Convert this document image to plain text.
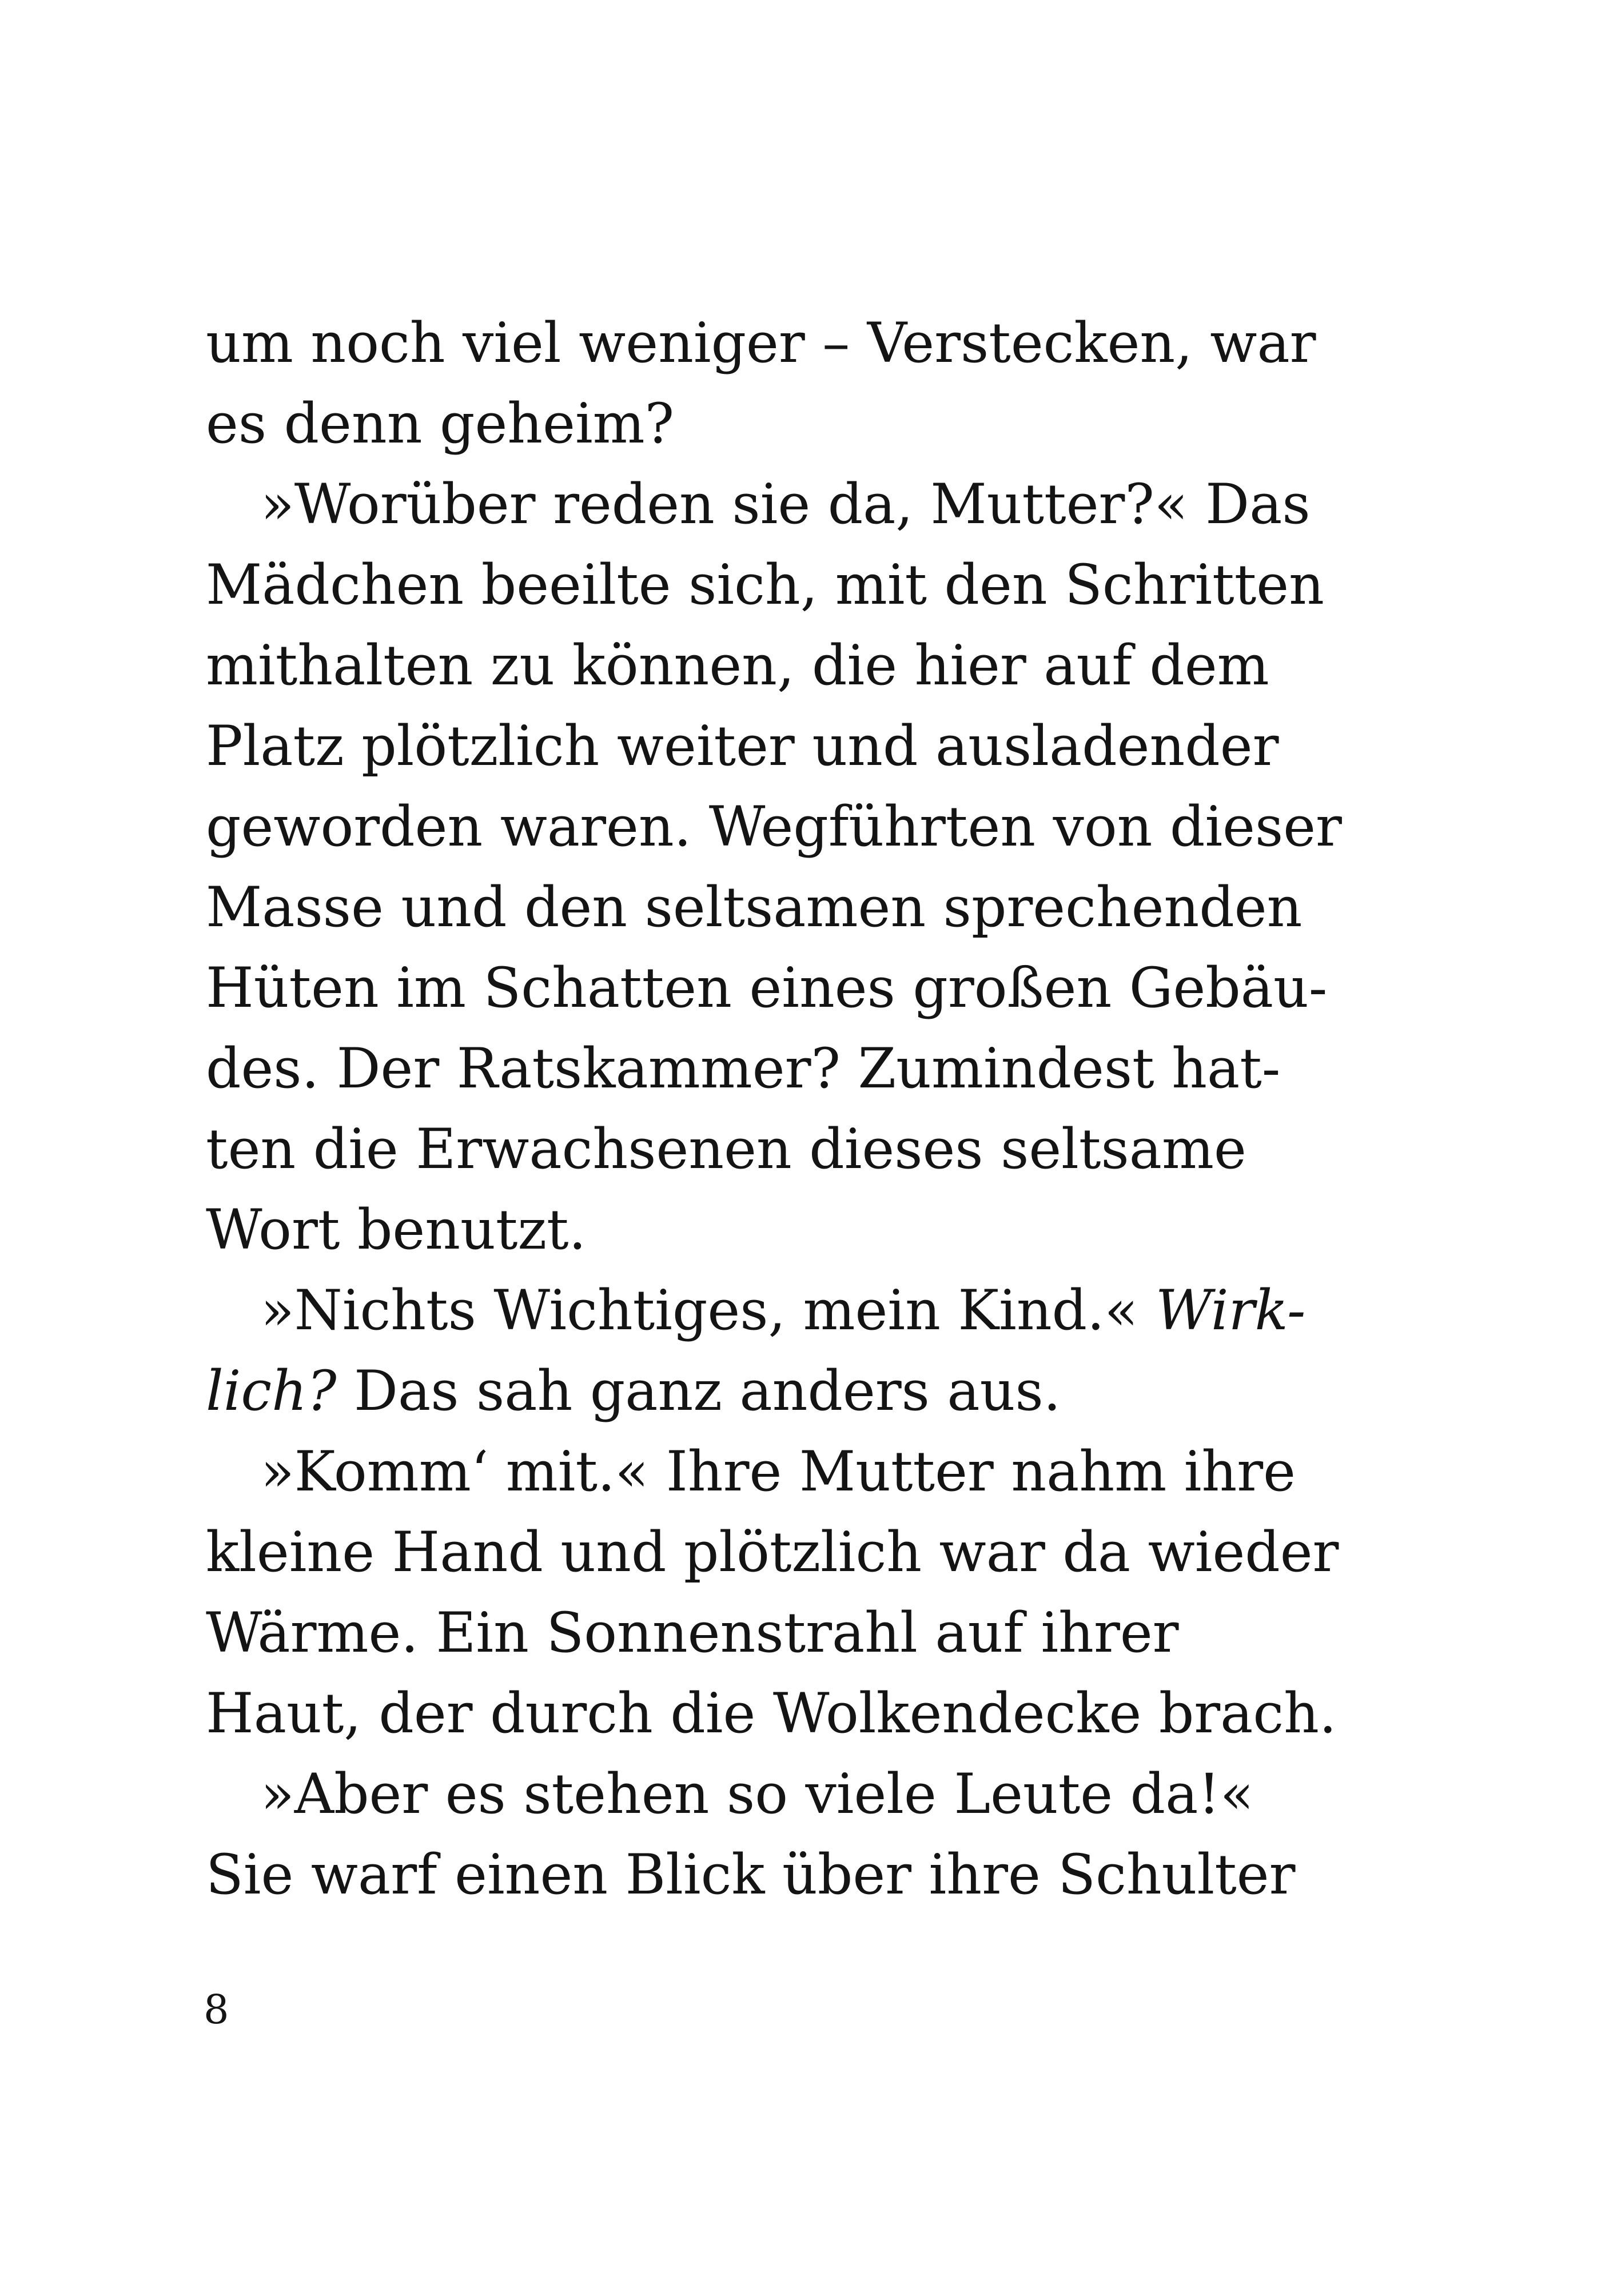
um noch viel weniger – Verstecken, war
es denn geheim?
»Worüber reden sie da, Mutter?« Das
Mädchen beeilte sich, mit den Schritten
mithalten zu können, die hier auf dem
Platz plötzlich weiter und ausladender
geworden waren. Wegführten von dieser
Masse und den seltsamen sprechenden
Hüten im Schatten eines großen Gebäu-
des. Der Ratskammer? Zumindest hat-
ten die Erwachsenen dieses seltsame
Wort benutzt.
»Nichts Wichtiges, mein Kind.« Wirk-
lich? Das sah ganz anders aus.
»Komm‘ mit.« Ihre Mutter nahm ihre
kleine Hand und plötzlich war da wieder
Wärme. Ein Sonnenstrahl auf ihrer
Haut, der durch die Wolkendecke brach.
»Aber es stehen so viele Leute da!«
Sie warf einen Blick über ihre Schulter
8
